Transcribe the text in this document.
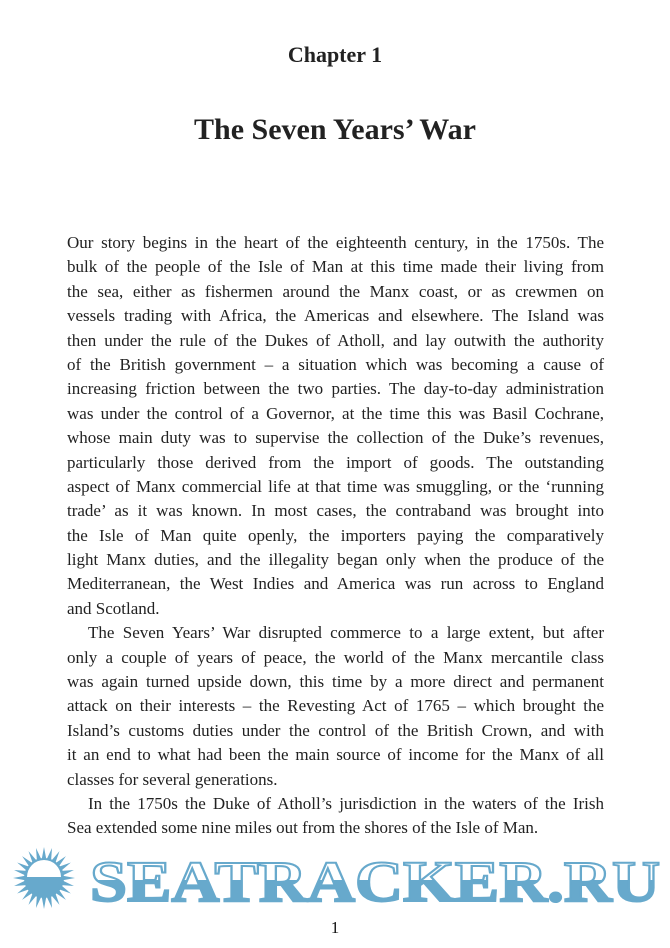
Chapter 1
The Seven Years’ War
Our story begins in the heart of the eighteenth century, in the 1750s. The
bulk of the people of the Isle of Man at this time made their living from
the sea, either as fishermen around the Manx coast, or as crewmen on
vessels trading with Africa, the Americas and elsewhere. The Island was
then under the rule of the Dukes of Atholl, and lay outwith the authority
of the British government – a situation which was becoming a cause of
increasing friction between the two parties. The day-to-day administration
was under the control of a Governor, at the time this was Basil Cochrane,
whose main duty was to supervise the collection of the Duke’s revenues,
particularly those derived from the import of goods. The outstanding
aspect of Manx commercial life at that time was smuggling, or the ‘running
trade’ as it was known. In most cases, the contraband was brought into
the Isle of Man quite openly, the importers paying the comparatively
light Manx duties, and the illegality began only when the produce of the
Mediterranean, the West Indies and America was run across to England
and Scotland.
The Seven Years’ War disrupted commerce to a large extent, but after
only a couple of years of peace, the world of the Manx mercantile class
was again turned upside down, this time by a more direct and permanent
attack on their interests – the Revesting Act of 1765 – which brought the
Island’s customs duties under the control of the British Crown, and with
it an end to what had been the main source of income for the Manx of all
classes for several generations.
In the 1750s the Duke of Atholl’s jurisdiction in the waters of the Irish
Sea extended some nine miles out from the shores of the Isle of Man.
SEATRACKER.RU
1
